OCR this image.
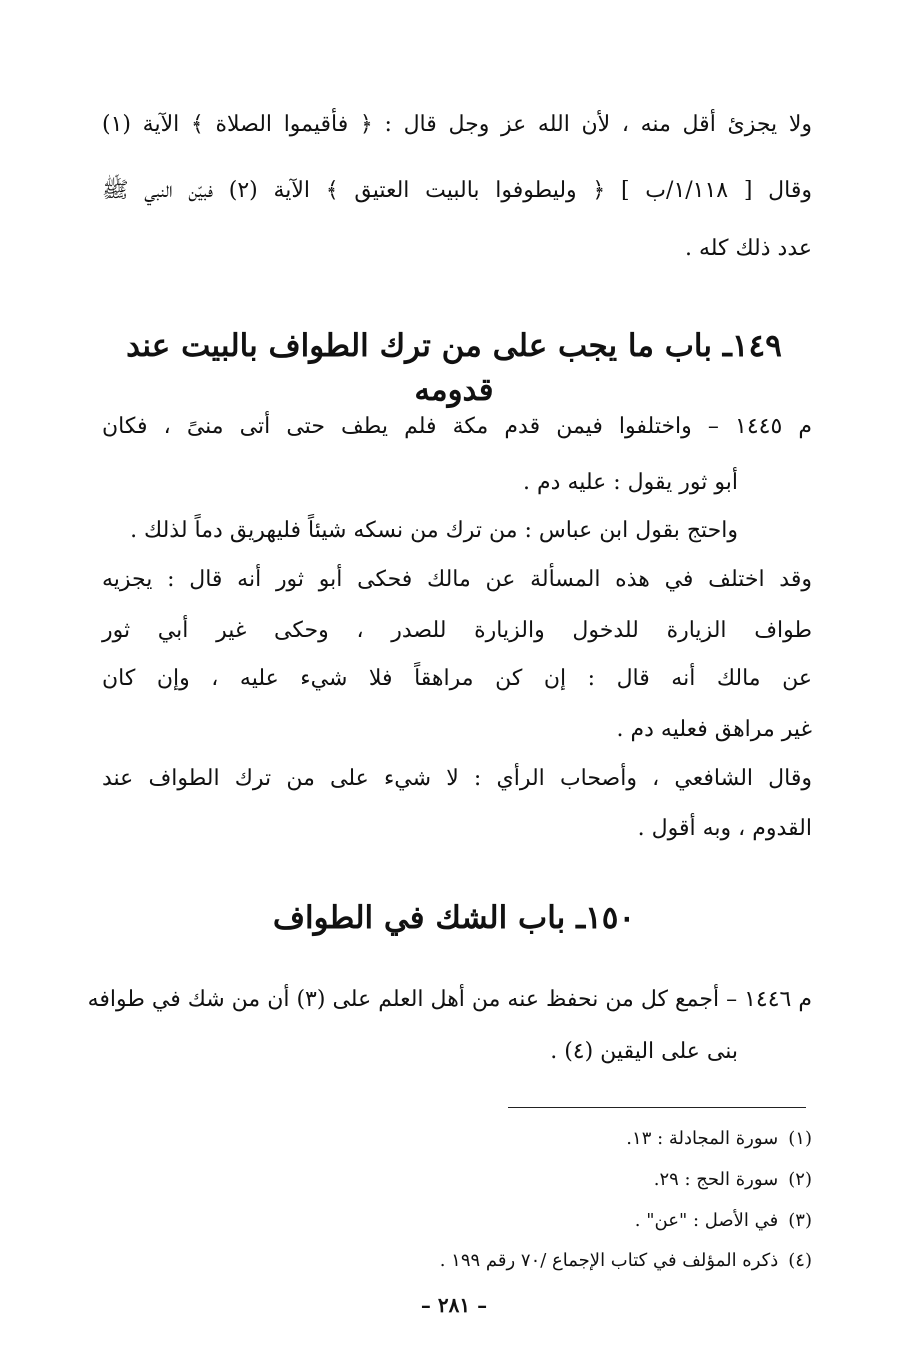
ولا يجزئ أقل منه ، لأن الله عز وجل قال : ﴿ فأقيموا الصلاة ﴾ الآية (١)
وقال [ ١/١١٨/ب ] ﴿ وليطوفوا بالبيت العتيق ﴾ الآية (٢) فبيّن النبي ﷺ
عدد ذلك كله .
١٤٩ـ باب ما يجب على من ترك الطواف بالبيت عند قدومه
م ١٤٤٥ – واختلفوا فيمن قدم مكة فلم يطف حتى أتى منىً ، فكان
أبو ثور يقول : عليه دم .
واحتج بقول ابن عباس : من ترك من نسكه شيئاً فليهريق دماً لذلك .
وقد اختلف في هذه المسألة عن مالك فحكى أبو ثور أنه قال : يجزيه
طواف الزيارة للدخول والزيارة للصدر ، وحكى غير أبي ثور
عن مالك أنه قال : إن كن مراهقاً فلا شيء عليه ، وإن كان
غير مراهق فعليه دم .
وقال الشافعي ، وأصحاب الرأي : لا شيء على من ترك الطواف عند
القدوم ، وبه أقول .
١٥٠ـ باب الشك في الطواف
م ١٤٤٦ – أجمع كل من نحفظ عنه من أهل العلم على (٣) أن من شك في طوافه
بنى على اليقين (٤) .
(١)سورة المجادلة : ١٣.
(٢)سورة الحج : ٢٩.
(٣)في الأصل : "عن" .
(٤)ذكره المؤلف في كتاب الإجماع /٧٠ رقم ١٩٩ .
– ٢٨١ –
